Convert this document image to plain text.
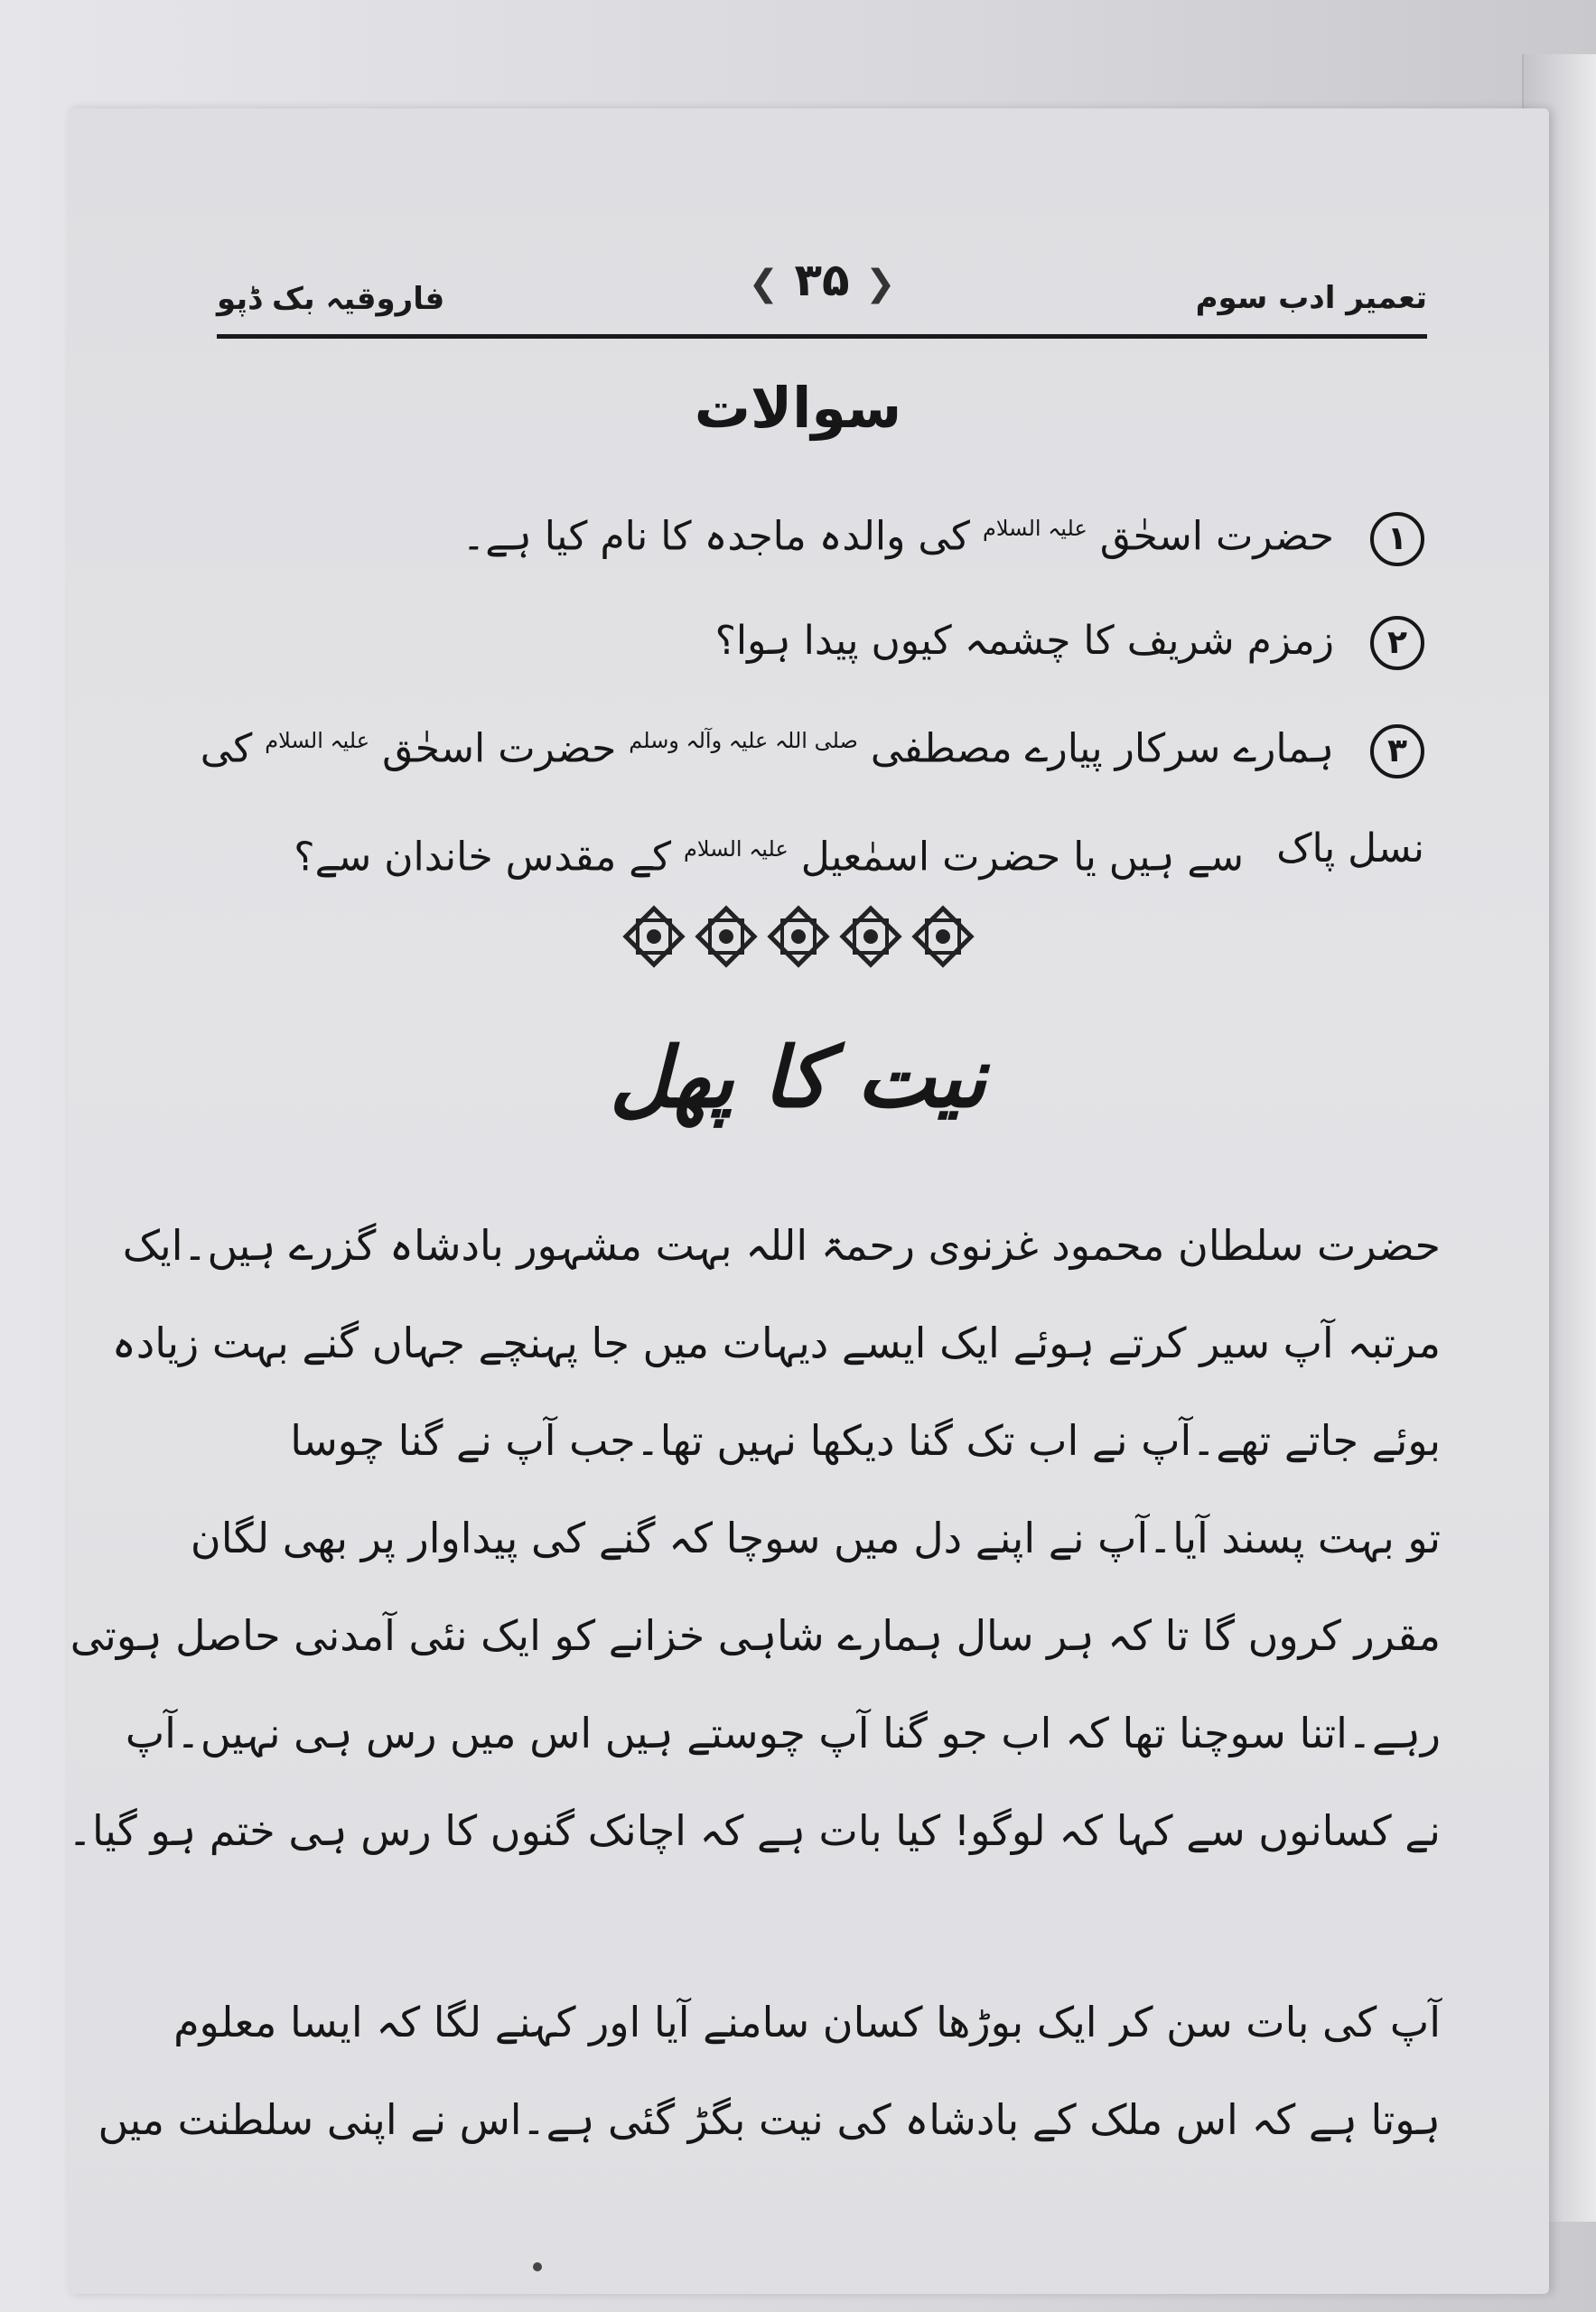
تعمیر ادب سوم
❮ ۳۵ ❯
فاروقیہ بک ڈپو
سوالات
۱حضرت اسحٰق $^{علیہ السلام}$ کی والدہ ماجدہ کا نام کیا ہے۔
۲زمزم شریف کا چشمہ کیوں پیدا ہوا؟
۳ہمارے سرکار پیارے مصطفی $^{صلی اللہ علیہ وآلہ وسلم}$ حضرت اسحٰق $^{علیہ السلام}$ کی نسل پاک
سے ہیں یا حضرت اسمٰعیل $^{علیہ السلام}$ کے مقدس خاندان سے؟

نیت کا پھل
حضرت سلطان محمود غزنوی رحمۃ اللہ بہت مشہور بادشاہ گزرے ہیں۔ایک
مرتبہ آپ سیر کرتے ہوئے ایک ایسے دیہات میں جا پہنچے جہاں گنے بہت زیادہ
بوئے جاتے تھے۔آپ نے اب تک گنا دیکھا نہیں تھا۔جب آپ نے گنا چوسا
تو بہت پسند آیا۔آپ نے اپنے دل میں سوچا کہ گنے کی پیداوار پر بھی لگان
مقرر کروں گا تا کہ ہر سال ہمارے شاہی خزانے کو ایک نئی آمدنی حاصل ہوتی
رہے۔اتنا سوچنا تھا کہ اب جو گنا آپ چوستے ہیں اس میں رس ہی نہیں۔آپ
نے کسانوں سے کہا کہ لوگو! کیا بات ہے کہ اچانک گنوں کا رس ہی ختم ہو گیا۔
آپ کی بات سن کر ایک بوڑھا کسان سامنے آیا اور کہنے لگا کہ ایسا معلوم
ہوتا ہے کہ اس ملک کے بادشاہ کی نیت بگڑ گئی ہے۔اس نے اپنی سلطنت میں
